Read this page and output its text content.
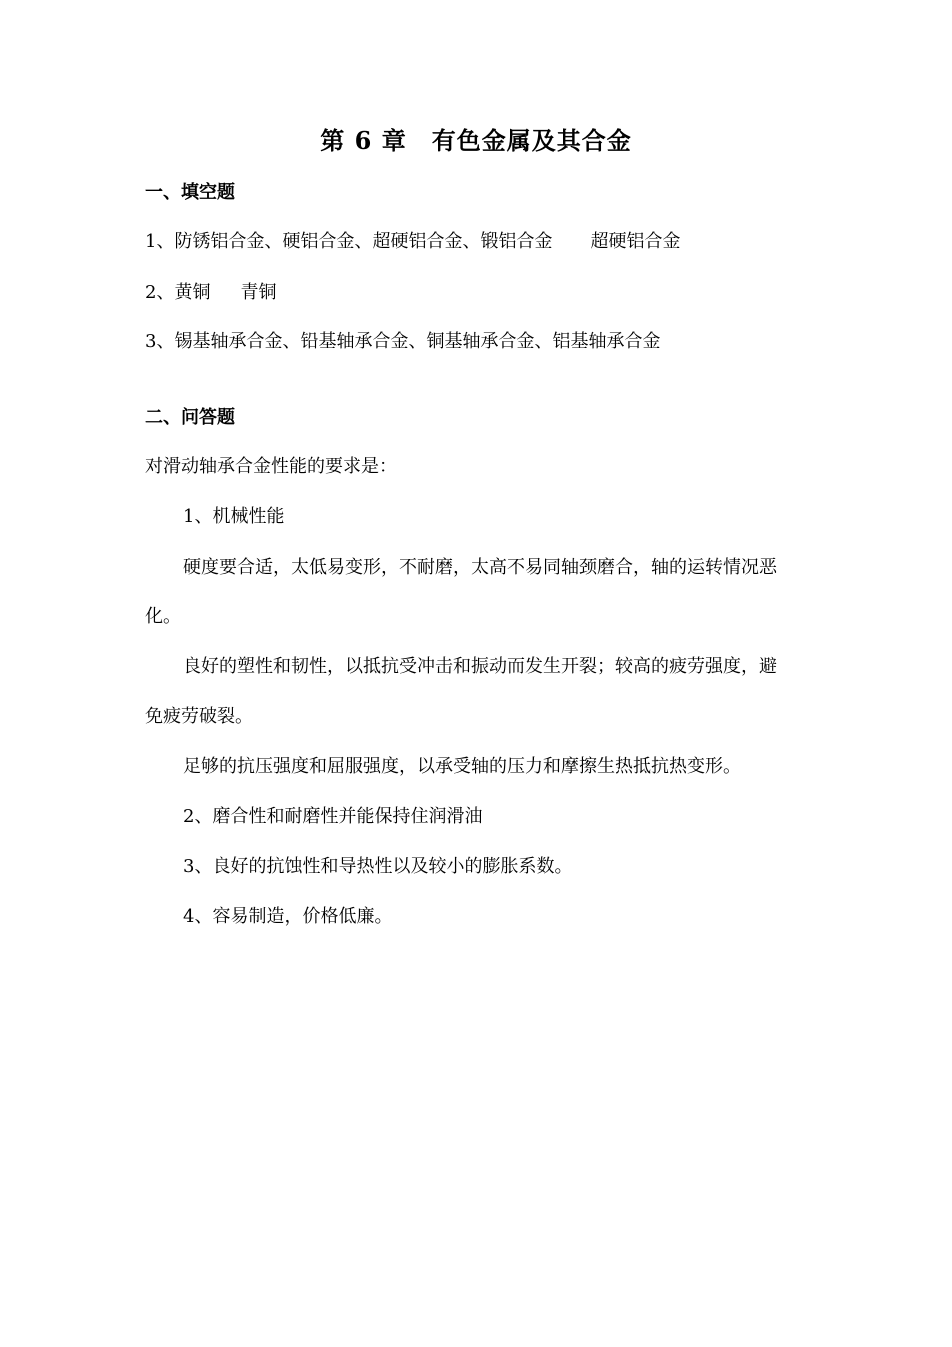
第 6 章　有色金属及其合金
一、填空题
1、防锈铝合金、硬铝合金、超硬铝合金、锻铝合金 超硬铝合金
2、黄铜 青铜
3、锡基轴承合金、铅基轴承合金、铜基轴承合金、铝基轴承合金
二、问答题
对滑动轴承合金性能的要求是：
1、机械性能
硬度要合适，太低易变形，不耐磨，太高不易同轴颈磨合，轴的运转情况恶
化。
良好的塑性和韧性，以抵抗受冲击和振动而发生开裂；较高的疲劳强度，避
免疲劳破裂。
足够的抗压强度和屈服强度，以承受轴的压力和摩擦生热抵抗热变形。
2、磨合性和耐磨性并能保持住润滑油
3、良好的抗蚀性和导热性以及较小的膨胀系数。
4、容易制造，价格低廉。
